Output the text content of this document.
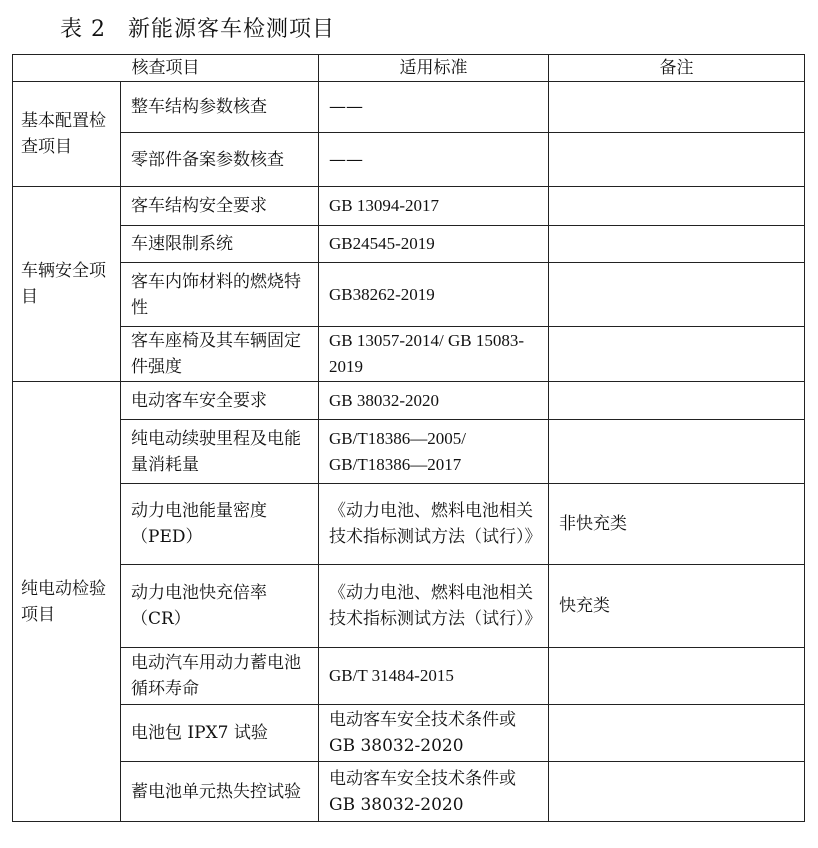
表 2 新能源客车检测项目
核查项目		适用标准	备注
基本配置检查项目	整车结构参数核查	——	
	零部件备案参数核查	——	
车辆安全项目	客车结构安全要求	GB 13094-2017	
	车速限制系统	GB24545-2019	
	客车内饰材料的燃烧特性	GB38262-2019	
	客车座椅及其车辆固定件强度	GB 13057-2014/ GB 15083-2019	
纯电动检验项目	电动客车安全要求	GB 38032-2020	
	纯电动续驶里程及电能量消耗量	GB/T18386—2005/ GB/T18386—2017	
	动力电池能量密度（PED）	《动力电池、燃料电池相关技术指标测试方法（试行）》	非快充类
	动力电池快充倍率（CR）	《动力电池、燃料电池相关技术指标测试方法（试行）》	快充类
	电动汽车用动力蓄电池循环寿命	GB/T 31484-2015	
	电池包 IPX7 试验	电动客车安全技术条件或 GB 38032-2020	
	蓄电池单元热失控试验	电动客车安全技术条件或 GB 38032-2020	
